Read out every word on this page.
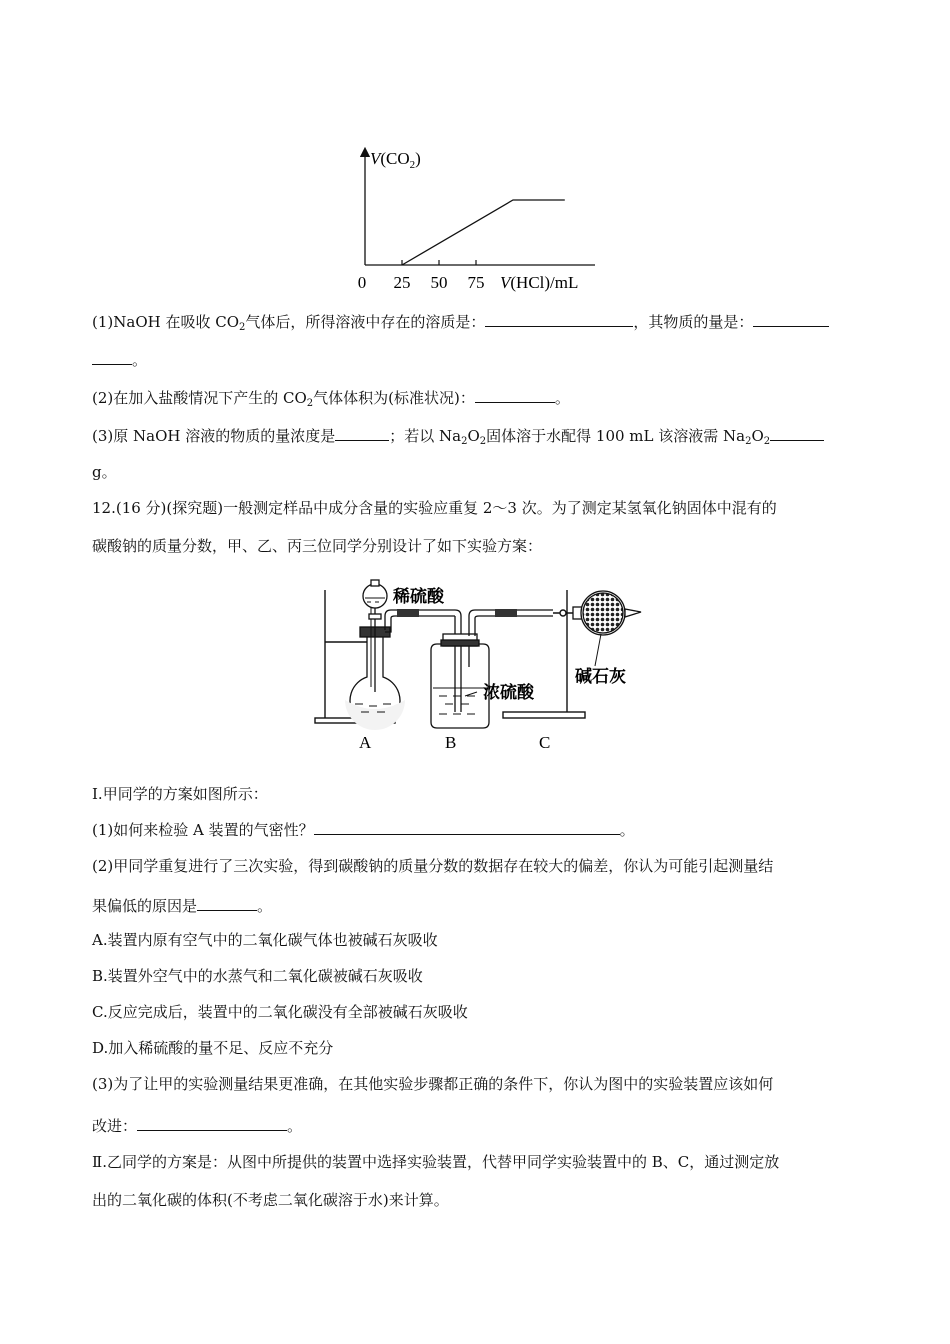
25 50 75
$V(CO_2)$
0	V(HCl)/mL
(1)NaOH 在吸收 $CO_2$气体后，所得溶液中存在的溶质是：	，其物质的量是：
。
(2)在加入盐酸情况下产生的 $CO_2$气体体积为(标准状况)：	。
(3)原 NaOH 溶液的物质的量浓度是	；若以 $Na_2O_2$固体溶于水配得 100 mL 该溶液需 $Na_2O_2$
g。
12.(16 分)(探究题)一般测定样品中成分含量的实验应重复 2～3 次。为了测定某氢氧化钠固体中混有的
碳酸钠的质量分数，甲、乙、丙三位同学分别设计了如下实验方案：
稀硫酸
浓硫酸
碱石灰
A	B	C
Ⅰ.甲同学的方案如图所示：
(1)如何来检验 A 装置的气密性？	。
(2)甲同学重复进行了三次实验，得到碳酸钠的质量分数的数据存在较大的偏差，你认为可能引起测量结
果偏低的原因是	。
A.装置内原有空气中的二氧化碳气体也被碱石灰吸收
B.装置外空气中的水蒸气和二氧化碳被碱石灰吸收
C.反应完成后，装置中的二氧化碳没有全部被碱石灰吸收
D.加入稀硫酸的量不足、反应不充分
(3)为了让甲的实验测量结果更准确，在其他实验步骤都正确的条件下，你认为图中的实验装置应该如何
改进：	。
Ⅱ.乙同学的方案是：从图中所提供的装置中选择实验装置，代替甲同学实验装置中的 B、C，通过测定放
出的二氧化碳的体积(不考虑二氧化碳溶于水)来计算。
